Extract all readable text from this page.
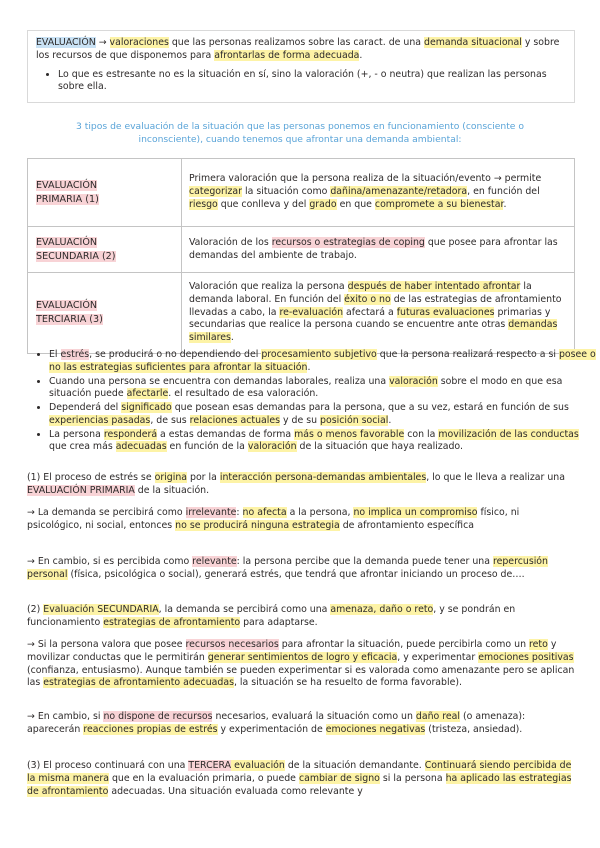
EVALUACIÓN → valoraciones que las personas realizamos sobre las caract. de una demanda situacional y sobre los recursos de que disponemos para afrontarlas de forma adecuada.

• Lo que es estresante no es la situación en sí, sino la valoración (+, - o neutra) que realizan las personas sobre ella.
3 tipos de evaluación de la situación que las personas ponemos en funcionamiento (consciente o inconsciente), cuando tenemos que afrontar una demanda ambiental:
EVALUACIÓN
PRIMARIA (1)	Primera valoración que la persona realiza de la situación/evento → permite categorizar la situación como dañina/amenazante/retadora, en función del riesgo que conlleva y del grado en que compromete a su bienestar.
EVALUACIÓN
SECUNDARIA (2)	Valoración de los recursos o estrategias de coping que posee para afrontar las demandas del ambiente de trabajo.
EVALUACIÓN
TERCIARIA (3)	Valoración que realiza la persona después de haber intentado afrontar la demanda laboral. En función del éxito o no de las estrategias de afrontamiento llevadas a cabo, la re-evaluación afectará a futuras evaluaciones primarias y secundarias que realice la persona cuando se encuentre ante otras demandas similares.
• El estrés, se producirá o no dependiendo del procesamiento subjetivo que la persona realizará respecto a si posee o no las estrategias suficientes para afrontar la situación.
• Cuando una persona se encuentra con demandas laborales, realiza una valoración sobre el modo en que esa situación puede afectarle. el resultado de esa valoración.
• Dependerá del significado que posean esas demandas para la persona, que a su vez, estará en función de sus experiencias pasadas, de sus relaciones actuales y de su posición social.
• La persona responderá a estas demandas de forma más o menos favorable con la movilización de las conductas que crea más adecuadas en función de la valoración de la situación que haya realizado.

(1) El proceso de estrés se origina por la interacción persona-demandas ambientales, lo que le lleva a realizar una EVALUACIÓN PRIMARIA de la situación.

→ La demanda se percibirá como irrelevante: no afecta a la persona, no implica un compromiso físico, ni psicológico, ni social, entonces no se producirá ninguna estrategia de afrontamiento específica

→ En cambio, si es percibida como relevante: la persona percibe que la demanda puede tener una repercusión personal (física, psicológica o social), generará estrés, que tendrá que afrontar iniciando un proceso de….

(2) Evaluación SECUNDARIA, la demanda se percibirá como una amenaza, daño o reto, y se pondrán en funcionamiento estrategias de afrontamiento para adaptarse.

→ Si la persona valora que posee recursos necesarios para afrontar la situación, puede percibirla como un reto y movilizar conductas que le permitirán generar sentimientos de logro y eficacia, y experimentar emociones positivas (confianza, entusiasmo). Aunque también se pueden experimentar si es valorada como amenazante pero se aplican las estrategias de afrontamiento adecuadas, la situación se ha resuelto de forma favorable).

→ En cambio, si no dispone de recursos necesarios, evaluará la situación como un daño real (o amenaza): aparecerán reacciones propias de estrés y experimentación de emociones negativas (tristeza, ansiedad).

(3) El proceso continuará con una TERCERA evaluación de la situación demandante. Continuará siendo percibida de la misma manera que en la evaluación primaria, o puede cambiar de signo si la persona ha aplicado las estrategias de afrontamiento adecuadas. Una situación evaluada como relevante y
